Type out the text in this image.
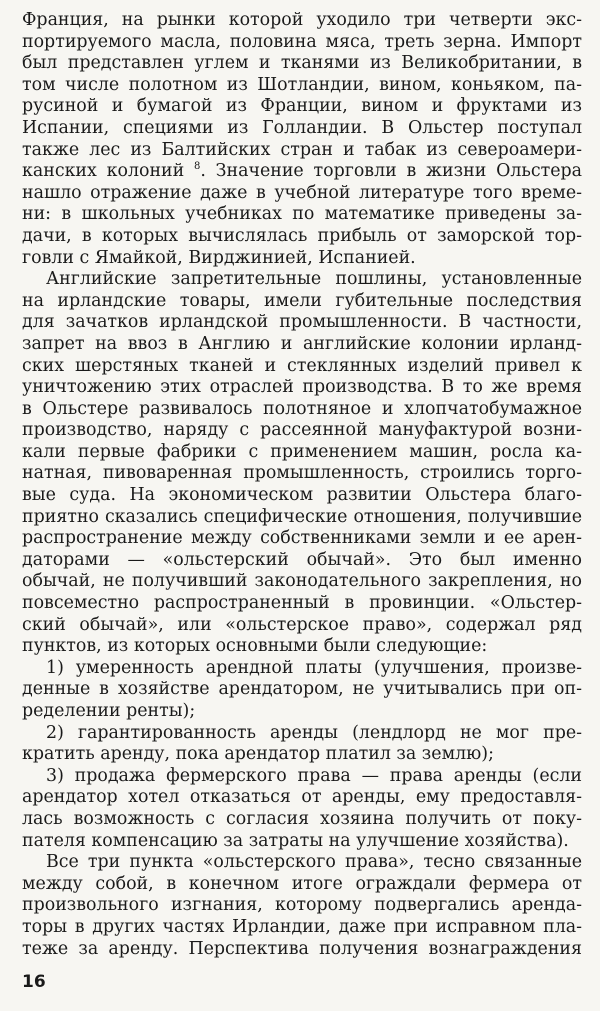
Франция, на рынки которой уходило три четверти экс-
портируемого масла, половина мяса, треть зерна. Импорт
был представлен углем и тканями из Великобритании, в
том числе полотном из Шотландии, вином, коньяком, па-
русиной и бумагой из Франции, вином и фруктами из
Испании, специями из Голландии. В Ольстер поступал
также лес из Балтийских стран и табак из североамери-
канских колоний $^8$. Значение торговли в жизни Ольстера
нашло отражение даже в учебной литературе того време-
ни: в школьных учебниках по математике приведены за-
дачи, в которых вычислялась прибыль от заморской тор-
говли с Ямайкой, Вирджинией, Испанией.
Английские запретительные пошлины, установленные
на ирландские товары, имели губительные последствия
для зачатков ирландской промышленности. В частности,
запрет на ввоз в Англию и английские колонии ирланд-
ских шерстяных тканей и стеклянных изделий привел к
уничтожению этих отраслей производства. В то же время
в Ольстере развивалось полотняное и хлопчатобумажное
производство, наряду с рассеянной мануфактурой возни-
кали первые фабрики с применением машин, росла ка-
натная, пивоваренная промышленность, строились торго-
вые суда. На экономическом развитии Ольстера благо-
приятно сказались специфические отношения, получившие
распространение между собственниками земли и ее арен-
даторами — «ольстерский обычай». Это был именно
обычай, не получивший законодательного закрепления, но
повсеместно распространенный в провинции. «Ольстер-
ский обычай», или «ольстерское право», содержал ряд
пунктов, из которых основными были следующие:
1) умеренность арендной платы (улучшения, произве-
денные в хозяйстве арендатором, не учитывались при оп-
ределении ренты);
2) гарантированность аренды (лендлорд не мог пре-
кратить аренду, пока арендатор платил за землю);
3) продажа фермерского права — права аренды (если
арендатор хотел отказаться от аренды, ему предоставля-
лась возможность с согласия хозяина получить от поку-
пателя компенсацию за затраты на улучшение хозяйства).
Все три пункта «ольстерского права», тесно связанные
между собой, в конечном итоге ограждали фермера от
произвольного изгнания, которому подвергались аренда-
торы в других частях Ирландии, даже при исправном пла-
теже за аренду. Перспектива получения вознаграждения
16
